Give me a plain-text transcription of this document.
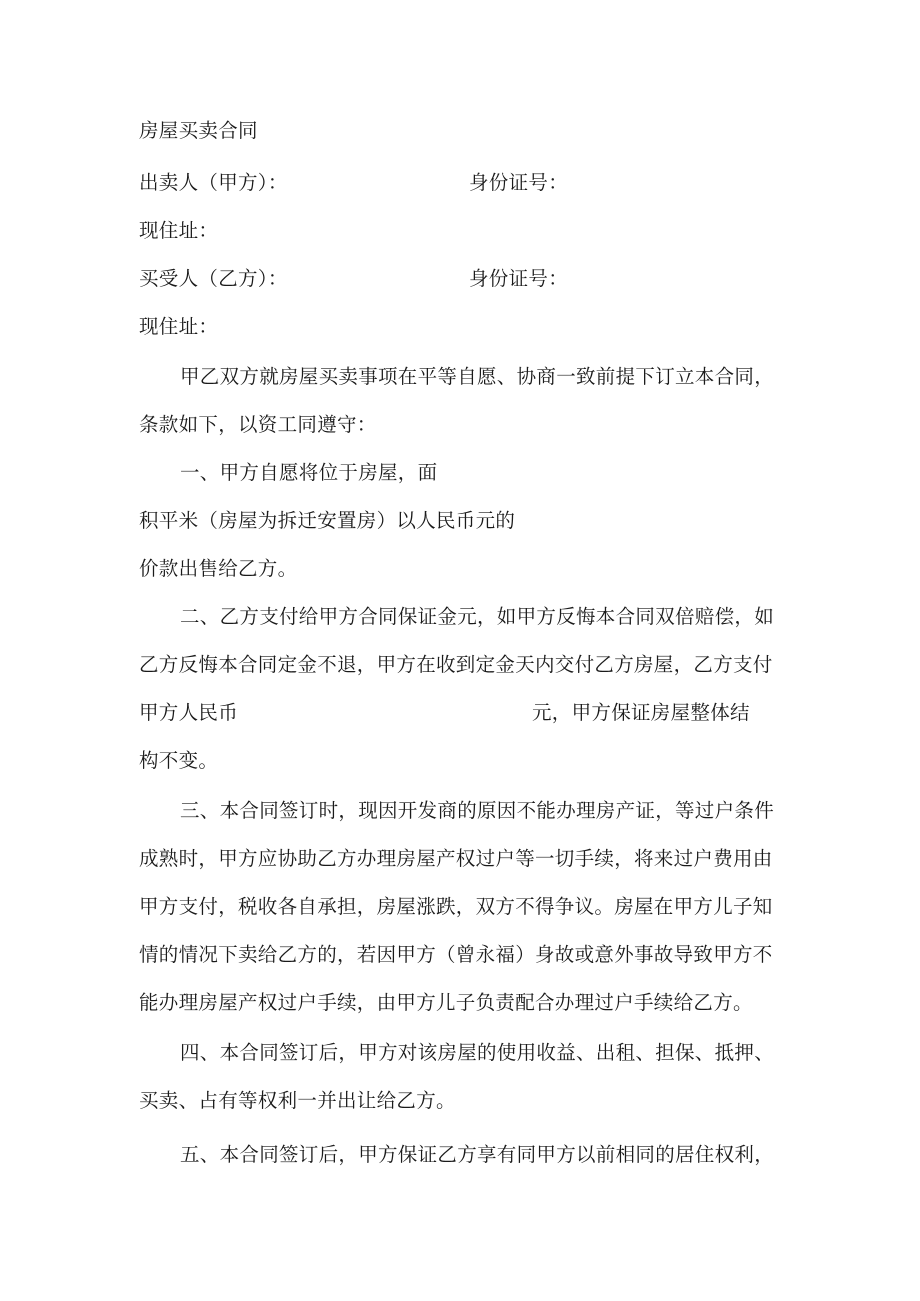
房屋买卖合同
出卖人（甲方）：	身份证号：
现住址：
买受人（乙方）：	身份证号：
现住址：
甲乙双方就房屋买卖事项在平等自愿、协商一致前提下订立本合同，
条款如下，以资工同遵守：
一、甲方自愿将位于房屋，面
积平米（房屋为拆迁安置房）以人民币元的
价款出售给乙方。
二、乙方支付给甲方合同保证金元，如甲方反悔本合同双倍赔偿，如
乙方反悔本合同定金不退，甲方在收到定金天内交付乙方房屋，乙方支付
甲方人民币	元，甲方保证房屋整体结
构不变。
三、本合同签订时，现因开发商的原因不能办理房产证，等过户条件
成熟时，甲方应协助乙方办理房屋产权过户等一切手续，将来过户费用由
甲方支付，税收各自承担，房屋涨跌，双方不得争议。房屋在甲方儿子知
情的情况下卖给乙方的，若因甲方（曾永福）身故或意外事故导致甲方不
能办理房屋产权过户手续，由甲方儿子负责配合办理过户手续给乙方。
四、本合同签订后，甲方对该房屋的使用收益、出租、担保、抵押、
买卖、占有等权利一并出让给乙方。
五、本合同签订后，甲方保证乙方享有同甲方以前相同的居住权利，
